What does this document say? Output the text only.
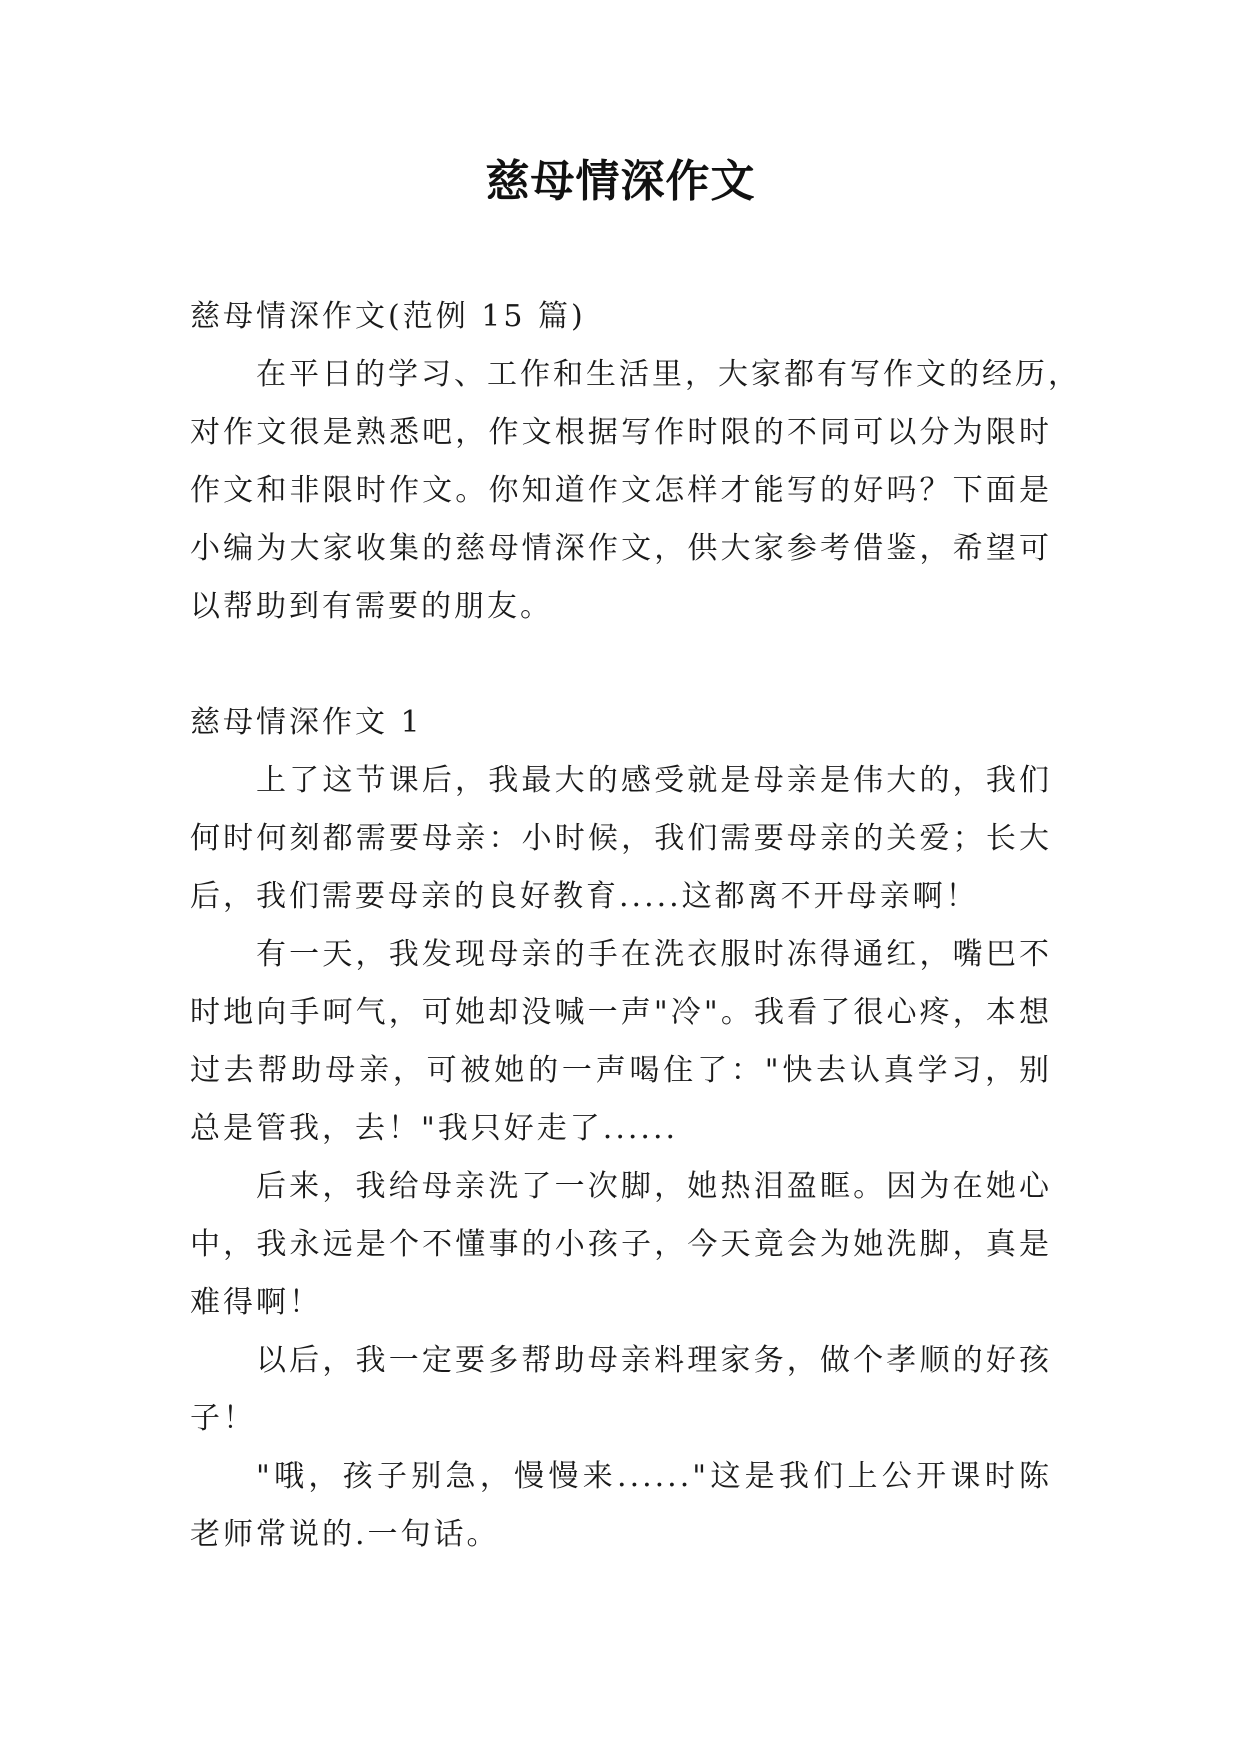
慈母情深作文
慈母情深作文(范例 15 篇)
在平日的学习、工作和生活里，大家都有写作文的经历，
对作文很是熟悉吧，作文根据写作时限的不同可以分为限时
作文和非限时作文。你知道作文怎样才能写的好吗？下面是
小编为大家收集的慈母情深作文，供大家参考借鉴，希望可
以帮助到有需要的朋友。
慈母情深作文 1
上了这节课后，我最大的感受就是母亲是伟大的，我们
何时何刻都需要母亲：小时候，我们需要母亲的关爱；长大
后，我们需要母亲的良好教育.....这都离不开母亲啊！
有一天，我发现母亲的手在洗衣服时冻得通红，嘴巴不
时地向手呵气，可她却没喊一声"冷"。我看了很心疼，本想
过去帮助母亲，可被她的一声喝住了："快去认真学习，别
总是管我，去！"我只好走了......
后来，我给母亲洗了一次脚，她热泪盈眶。因为在她心
中，我永远是个不懂事的小孩子，今天竟会为她洗脚，真是
难得啊！
以后，我一定要多帮助母亲料理家务，做个孝顺的好孩
子！
"哦，孩子别急，慢慢来......"这是我们上公开课时陈
老师常说的.一句话。
